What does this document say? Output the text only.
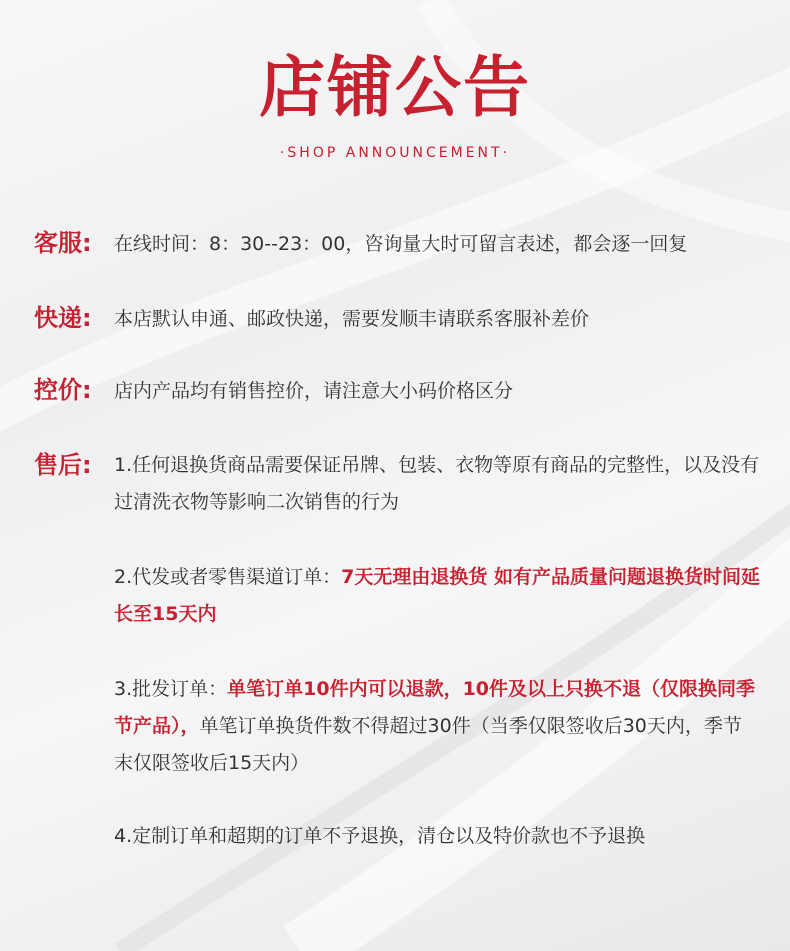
店铺公告
·SHOP ANNOUNCEMENT·
客服: 在线时间：8：30--23：00，咨询量大时可留言表述，都会逐一回复
快递: 本店默认申通、邮政快递，需要发顺丰请联系客服补差价
控价: 店内产品均有销售控价，请注意大小码价格区分
售后: 1.任何退换货商品需要保证吊牌、包装、衣物等原有商品的完整性，以及没有过清洗衣物等影响二次销售的行为
2.代发或者零售渠道订单：7天无理由退换货 如有产品质量问题退换货时间延长至15天内
3.批发订单：单笔订单10件内可以退款，10件及以上只换不退（仅限换同季节产品），单笔订单换货件数不得超过30件（当季仅限签收后30天内，季节末仅限签收后15天内）
4.定制订单和超期的订单不予退换，清仓以及特价款也不予退换
